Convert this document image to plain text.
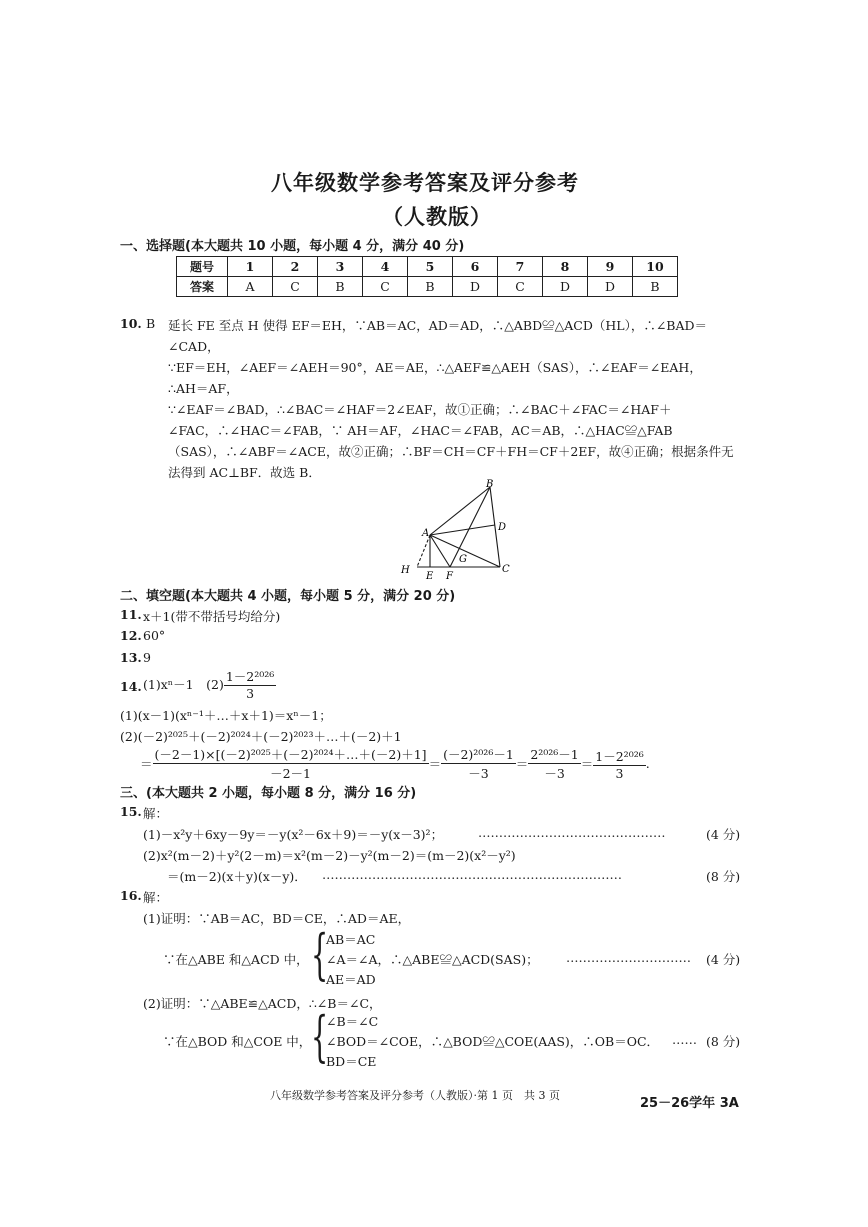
八年级数学参考答案及评分参考
（人教版）
一、选择题(本大题共 10 小题，每小题 4 分，满分 40 分)
题号	1	2	3	4	5	6	7	8	9	10
答案	A	C	B	C	B	D	C	D	D	B
10. B 延长 FE 至点 H 使得 EF＝EH，∵AB＝AC，AD＝AD，∴△ABD≌△ACD（HL），∴∠BAD＝
∠CAD，
∵EF＝EH，∠AEF＝∠AEH＝90°，AE＝AE，∴△AEF≌△AEH（SAS），∴∠EAF＝∠EAH，
∴AH＝AF，
∵∠EAF＝∠BAD，∴∠BAC＝∠HAF＝2∠EAF，故①正确；∴∠BAC＋∠FAC＝∠HAF＋
∠FAC，∴∠HAC＝∠FAB，∵ AH＝AF，∠HAC＝∠FAB，AC＝AB，∴△HAC≌△FAB
（SAS），∴∠ABF＝∠ACE，故②正确；∴BF＝CH＝CF＋FH＝CF＋2EF，故④正确；根据条件无
法得到 AC⊥BF．故选 B．
B
D
A
G
H
E F
C
二、填空题(本大题共 4 小题，每小题 5 分，满分 20 分)
11. x＋1(带不带括号均给分)
12. 60°
13. 9
14. (1)xⁿ－1　$(2) \frac{\text{1－2²⁰²⁶}}{3}$
(1)(x－1)(xⁿ⁻¹＋…＋x＋1)＝xⁿ－1；
(2)(－2)²⁰²⁵＋(－2)²⁰²⁴＋(－2)²⁰²³＋…＋(－2)＋1
＝ $\frac{\text{(－2－1)×[(－2)²⁰²⁵＋(－2)²⁰²⁴＋…＋(－2)＋1]}}{-2-1} = \frac{\text{(－2)²⁰²⁶－1}}{-3} = \frac{\text{2²⁰²⁶－1}}{-3} = \frac{\text{1－2²⁰²⁶}}{3}$ .
三、(本大题共 2 小题，每小题 8 分，满分 16 分)
15. 解：
(1)－x²y＋6xy－9y＝－y(x²－6x＋9)＝－y(x－3)²；	………………………………………	(4 分)
(2)x²(m－2)＋y²(2－m)＝x²(m－2)－y²(m－2)＝(m－2)(x²－y²)
＝(m－2)(x＋y)(x－y)． ………………………………………………………………	(8 分)
16. 解：
(1)证明：∵AB＝AC，BD＝CE，∴AD＝AE，
∵在△ABE 和△ACD 中， {
AB＝AC
∠A＝∠A，∴△ABE≌△ACD(SAS)；
AE＝AD
………………………… (4 分)
(2)证明：∵△ABE≌△ACD，∴∠B＝∠C，
∵在△BOD 和△COE 中， {
∠B＝∠C
∠BOD＝∠COE，∴△BOD≌△COE(AAS)，∴OB＝OC．
BD＝CE
…… (8 分)
八年级数学参考答案及评分参考（人教版）·第 1 页　共 3 页
25－26学年 3A
